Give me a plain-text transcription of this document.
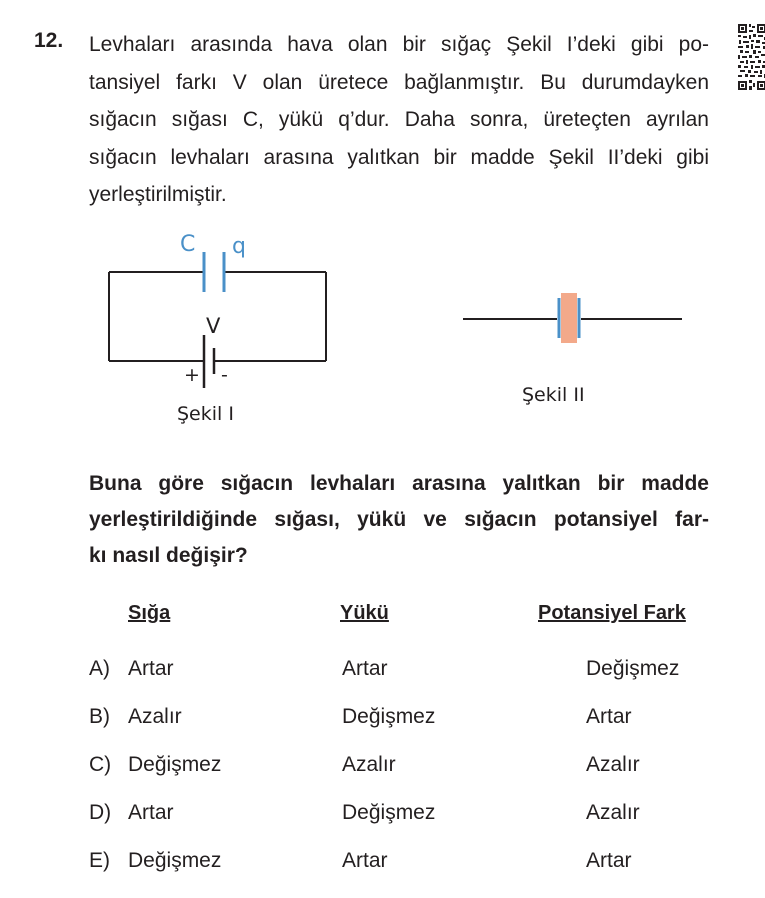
12. Levhaları arasında hava olan bir sığaç Şekil I’deki gibi po-
tansiyel farkı V olan üretece bağlanmıştır. Bu durumdayken
sığacın sığası C, yükü q’dur. Daha sonra, üreteçten ayrılan
sığacın levhaları arasına yalıtkan bir madde Şekil II’deki gibi
yerleştirilmiştir.
C q
V
+ -
Şekil I
Şekil II
Buna göre sığacın levhaları arasına yalıtkan bir madde
yerleştirildiğinde sığası, yükü ve sığacın potansiyel far-
kı nasıl değişir?
Sığa	Yükü	Potansiyel Fark
A) Artar	Artar	Değişmez
B) Azalır	Değişmez	Artar
C) Değişmez	Azalır	Azalır
D) Artar	Değişmez	Azalır
E) Değişmez	Artar	Artar
